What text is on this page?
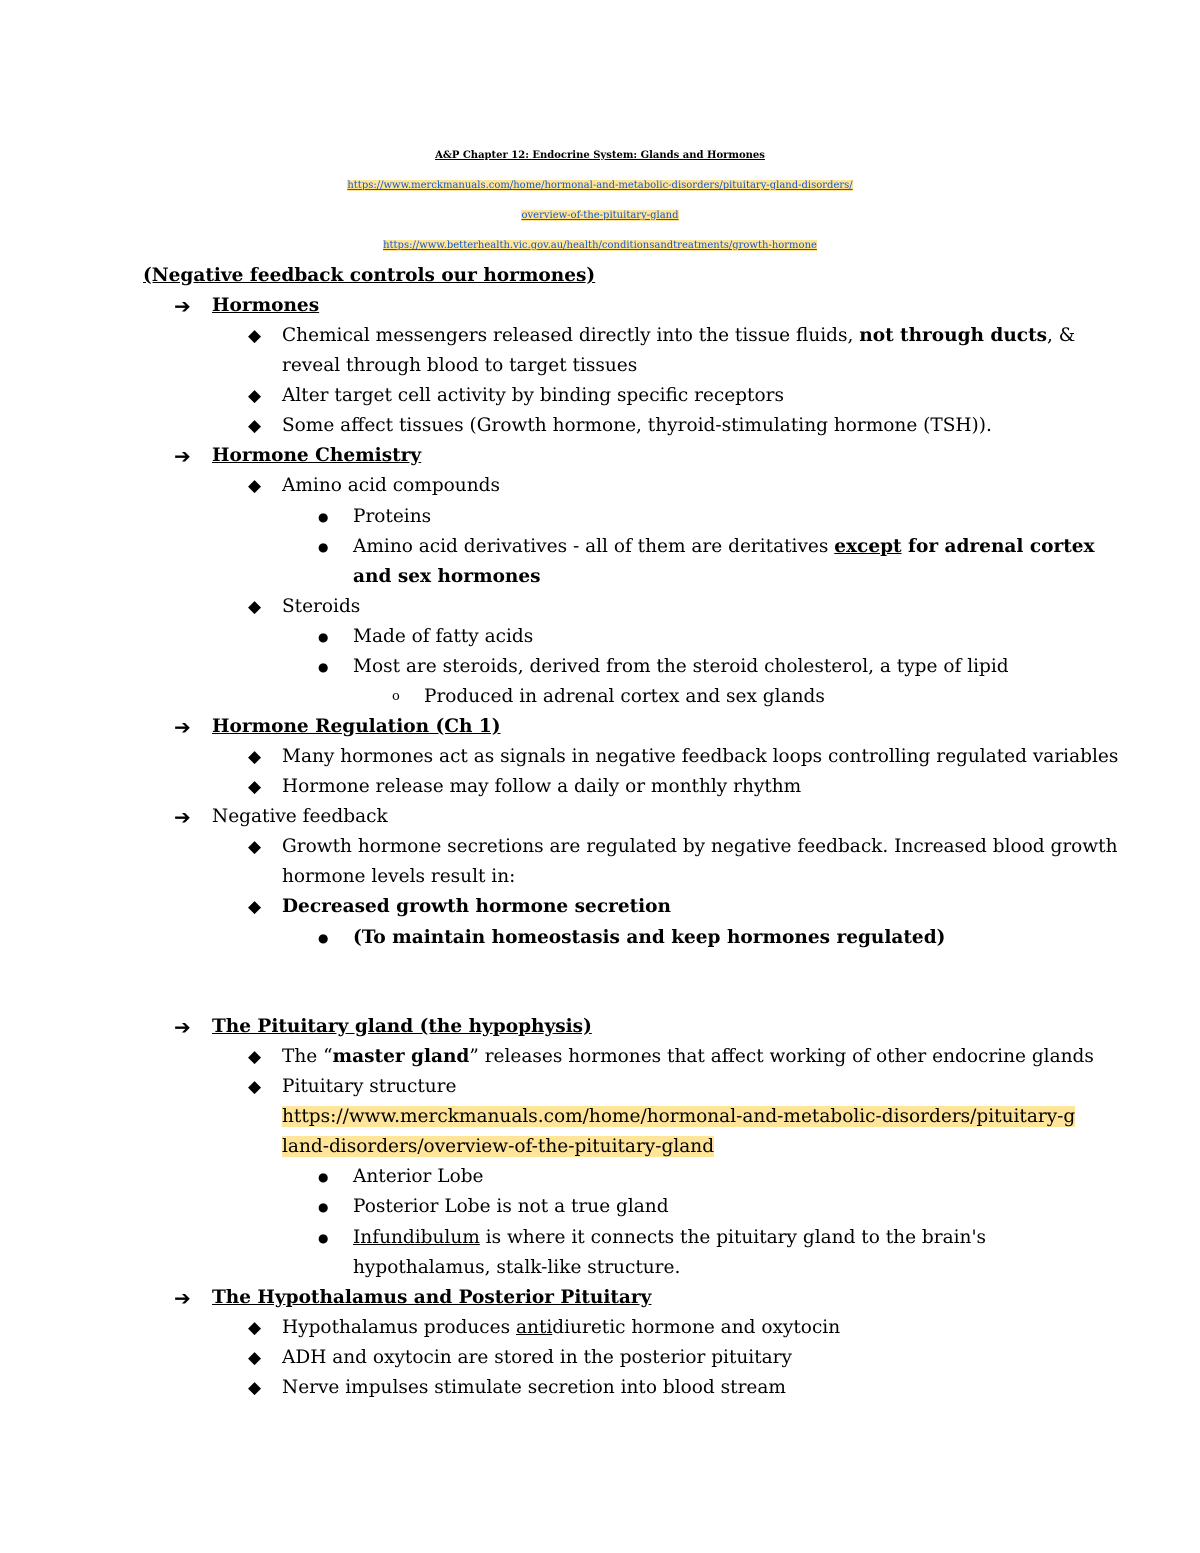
A&P Chapter 12: Endocrine System: Glands and Hormones
https://www.merckmanuals.com/home/hormonal-and-metabolic-disorders/pituitary-gland-disorders/
overview-of-the-pituitary-gland
https://www.betterhealth.vic.gov.au/health/conditionsandtreatments/growth-hormone
(Negative feedback controls our hormones)
➔ Hormones
◆ Chemical messengers released directly into the tissue fluids, not through ducts, &
reveal through blood to target tissues
◆ Alter target cell activity by binding specific receptors
◆ Some affect tissues (Growth hormone, thyroid-stimulating hormone (TSH)).
➔ Hormone Chemistry
◆ Amino acid compounds
● Proteins
● Amino acid derivatives - all of them are deritatives except for adrenal cortex
and sex hormones
◆ Steroids
● Made of fatty acids
● Most are steroids, derived from the steroid cholesterol, a type of lipid
o Produced in adrenal cortex and sex glands
➔ Hormone Regulation (Ch 1)
◆ Many hormones act as signals in negative feedback loops controlling regulated variables
◆ Hormone release may follow a daily or monthly rhythm
➔ Negative feedback
◆ Growth hormone secretions are regulated by negative feedback. Increased blood growth
hormone levels result in:
◆ Decreased growth hormone secretion
● (To maintain homeostasis and keep hormones regulated)
➔ The Pituitary gland (the hypophysis)
◆ The “master gland” releases hormones that affect working of other endocrine glands
◆ Pituitary structure
https://www.merckmanuals.com/home/hormonal-and-metabolic-disorders/pituitary-g
land-disorders/overview-of-the-pituitary-gland
● Anterior Lobe
● Posterior Lobe is not a true gland
● Infundibulum is where it connects the pituitary gland to the brain's
hypothalamus, stalk-like structure.
➔ The Hypothalamus and Posterior Pituitary
◆ Hypothalamus produces antidiuretic hormone and oxytocin
◆ ADH and oxytocin are stored in the posterior pituitary
◆ Nerve impulses stimulate secretion into blood stream
